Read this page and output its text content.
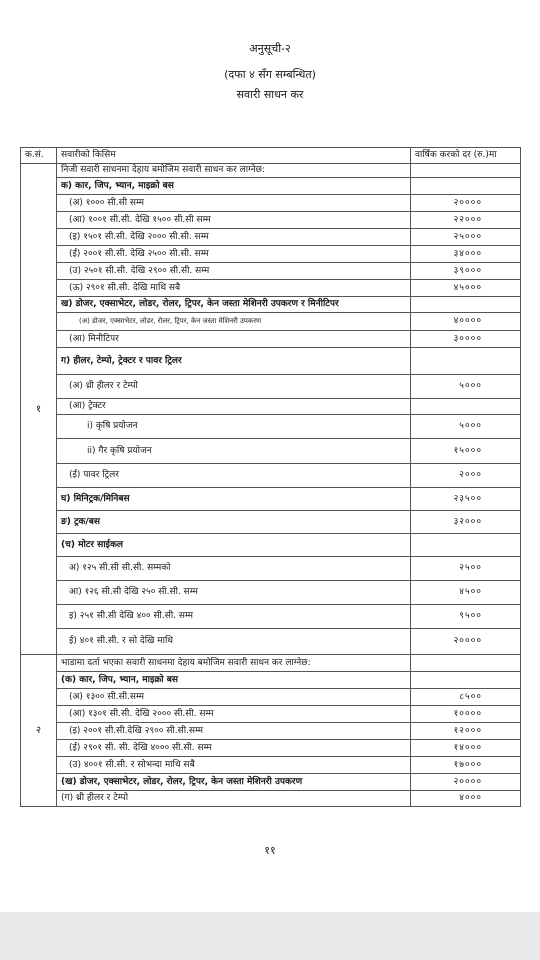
अनुसूची-२
(दफा ४ सँग सम्बन्धित)
सवारी साधन कर
क.सं.	सवारीको किसिम	वार्षिक करको दर (रु.)मा
१	निजी सवारी साधनमा देहाय बमोजिम सवारी साधन कर लाग्नेछ:	
	क) कार, जिप, भ्यान, माइक्रो बस	
	(अ) १००० सी.सी सम्म	२००००
	(आ) १००१ सी.सी. देखि १५०० सी.सी सम्म	२२०००
	(इ) १५०१ सी.सी. देखि २००० सी.सी. सम्म	२५०००
	(ई) २००१ सी.सी. देखि २५०० सी.सी. सम्म	३४०००
	(उ) २५०१ सी.सी. देखि २९०० सी.सी. सम्म	३९०००
	(ऊ) २९०१ सी.सी. देखि माथि सबै	४५०००
	ख) डोजर, एक्साभेटर, लोडर, रोलर, ट्रिपर, केन जस्ता मेशिनरी उपकरण र मिनीटिपर	
	(अ) डोजर, एक्साभेटर, लोडर, रोलर, ट्रिपर, केन जस्ता मेशिनरी उपकरण	४००००
	(आ) मिनीटिपर	३००००
	ग) हीलर, टेम्पो, ट्रेक्टर र पावर ट्रिलर	
	(अ) थ्री हीलर र टेम्पो	५०००
	(आ) ट्रेक्टर	
	i) कृषि प्रयोजन	५०००
	ii) गैर कृषि प्रयोजन	१५०००
	(ई) पावर ट्रिलर	२०००
	घ) मिनिट्रक/मिनिबस	२३५००
	ङ) ट्रक/बस	३२०००
	(च) मोटर साईकल	
	अ) १२५ सी.सी सी.सी. सम्मको	२५००
	आ) १२६ सी.सी देखि २५० सी.सी. सम्म	४५००
	इ) २५१ सी.सी देखि ४०० सी.सी. सम्म	९५००
	ई) ४०१ सी.सी. र सो देखि माथि	२००००
२	भाडामा दर्ता भएका सवारी साधनमा देहाय बमोजिम सवारी साधन कर लाग्नेछ:	
	(क) कार, जिप, भ्यान, माइक्रो बस	
	(अ) १३०० सी.सी.सम्म	८५००
	(आ) १३०१ सी.सी. देखि २००० सी.सी. सम्म	१००००
	(इ) २००१ सी.सी.देखि २९०० सी.सी.सम्म	१२०००
	(ई) २९०१ सी. सी. देखि ४००० सी.सी. सम्म	१४०००
	(उ) ४००१ सी.सी. र सोभन्दा माथि सबै	१७०००
	(ख) डोजर, एक्साभेटर, लोडर, रोलर, ट्रिपर, केन जस्ता मेशिनरी उपकरण	२००००
	(ग) थ्री हीलर र टेम्पो	४०००
११
